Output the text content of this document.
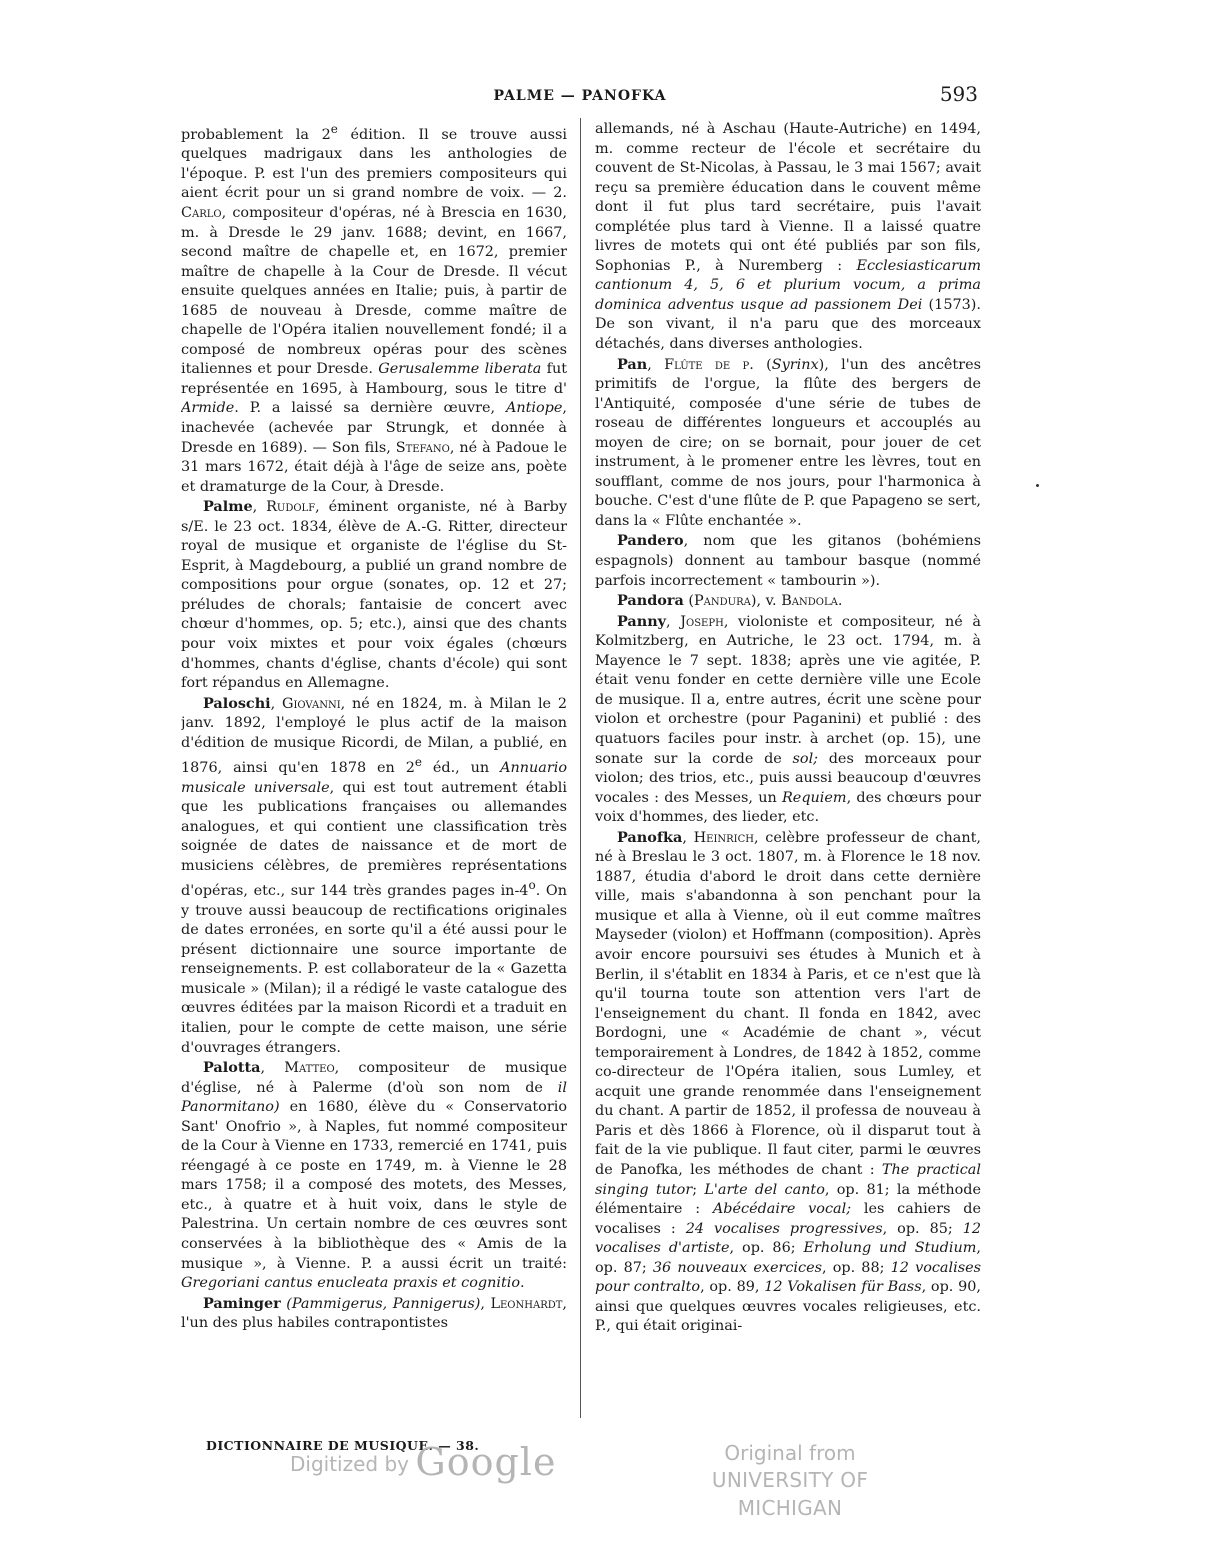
PALME — PANOFKA	593

probablement la 2e édition. Il se trouve aussi quelques madrigaux dans les anthologies de l'époque. P. est l'un des premiers compositeurs qui aient écrit pour un si grand nombre de voix. — 2. Carlo, compositeur d'opéras, né à Brescia en 1630, m. à Dresde le 29 janv. 1688; devint, en 1667, second maître de chapelle et, en 1672, premier maître de chapelle à la Cour de Dresde. Il vécut ensuite quelques années en Italie; puis, à partir de 1685 de nouveau à Dresde, comme maître de chapelle de l'Opéra italien nouvellement fondé; il a composé de nombreux opéras pour des scènes italiennes et pour Dresde. Gerusalemme liberata fut représentée en 1695, à Hambourg, sous le titre d' Armide. P. a laissé sa dernière œuvre, Antiope, inachevée (achevée par Strungk, et donnée à Dresde en 1689). — Son fils, Stefano, né à Padoue le 31 mars 1672, était déjà à l'âge de seize ans, poète et dramaturge de la Cour, à Dresde.

Palme, Rudolf, éminent organiste, né à Barby s/E. le 23 oct. 1834, élève de A.-G. Ritter, directeur royal de musique et organiste de l'église du St-Esprit, à Magdebourg, a publié un grand nombre de compositions pour orgue (sonates, op. 12 et 27; préludes de chorals; fantaisie de concert avec chœur d'hommes, op. 5; etc.), ainsi que des chants pour voix mixtes et pour voix égales (chœurs d'hommes, chants d'église, chants d'école) qui sont fort répandus en Allemagne.

Paloschi, Giovanni, né en 1824, m. à Milan le 2 janv. 1892, l'employé le plus actif de la maison d'édition de musique Ricordi, de Milan, a publié, en 1876, ainsi qu'en 1878 en 2e éd., un Annuario musicale universale, qui est tout autrement établi que les publications françaises ou allemandes analogues, et qui contient une classification très soignée de dates de naissance et de mort de musiciens célèbres, de premières représentations d'opéras, etc., sur 144 très grandes pages in-4$^o$. On y trouve aussi beaucoup de rectifications originales de dates erronées, en sorte qu'il a été aussi pour le présent dictionnaire une source importante de renseignements. P. est collaborateur de la « Gazetta musicale » (Milan); il a rédigé le vaste catalogue des œuvres éditées par la maison Ricordi et a traduit en italien, pour le compte de cette maison, une série d'ouvrages étrangers.

Palotta, Matteo, compositeur de musique d'église, né à Palerme (d'où son nom de il Panormitano) en 1680, élève du « Conservatorio Sant' Onofrio », à Naples, fut nommé compositeur de la Cour à Vienne en 1733, remercié en 1741, puis réengagé à ce poste en 1749, m. à Vienne le 28 mars 1758; il a composé des motets, des Messes, etc., à quatre et à huit voix, dans le style de Palestrina. Un certain nombre de ces œuvres sont conservées à la bibliothèque des « Amis de la musique », à Vienne. P. a aussi écrit un traité: Gregoriani cantus enucleata praxis et cognitio.

Paminger (Pammigerus, Pannigerus), Leonhardt, l'un des plus habiles contrapontistes

allemands, né à Aschau (Haute-Autriche) en 1494, m. comme recteur de l'école et secrétaire du couvent de St-Nicolas, à Passau, le 3 mai 1567; avait reçu sa première éducation dans le couvent même dont il fut plus tard secrétaire, puis l'avait complétée plus tard à Vienne. Il a laissé quatre livres de motets qui ont été publiés par son fils, Sophonias P., à Nuremberg : Ecclesiasticarum cantionum 4, 5, 6 et plurium vocum, a prima dominica adventus usque ad passionem Dei (1573). De son vivant, il n'a paru que des morceaux détachés, dans diverses anthologies.

Pan, Flûte de p. (Syrinx), l'un des ancêtres primitifs de l'orgue, la flûte des bergers de l'Antiquité, composée d'une série de tubes de roseau de différentes longueurs et accouplés au moyen de cire; on se bornait, pour jouer de cet instrument, à le promener entre les lèvres, tout en soufflant, comme de nos jours, pour l'harmonica à bouche. C'est d'une flûte de P. que Papageno se sert, dans la « Flûte enchantée ».

Pandero, nom que les gitanos (bohémiens espagnols) donnent au tambour basque (nommé parfois incorrectement « tambourin »).

Pandora (Pandura), v. Bandola.

Panny, Joseph, violoniste et compositeur, né à Kolmitzberg, en Autriche, le 23 oct. 1794, m. à Mayence le 7 sept. 1838; après une vie agitée, P. était venu fonder en cette dernière ville une Ecole de musique. Il a, entre autres, écrit une scène pour violon et orchestre (pour Paganini) et publié : des quatuors faciles pour instr. à archet (op. 15), une sonate sur la corde de sol; des morceaux pour violon; des trios, etc., puis aussi beaucoup d'œuvres vocales : des Messes, un Requiem, des chœurs pour voix d'hommes, des lieder, etc.

Panofka, Heinrich, celèbre professeur de chant, né à Breslau le 3 oct. 1807, m. à Florence le 18 nov. 1887, étudia d'abord le droit dans cette dernière ville, mais s'abandonna à son penchant pour la musique et alla à Vienne, où il eut comme maîtres Mayseder (violon) et Hoffmann (composition). Après avoir encore poursuivi ses études à Munich et à Berlin, il s'établit en 1834 à Paris, et ce n'est que là qu'il tourna toute son attention vers l'art de l'enseignement du chant. Il fonda en 1842, avec Bordogni, une « Académie de chant », vécut temporairement à Londres, de 1842 à 1852, comme co-directeur de l'Opéra italien, sous Lumley, et acquit une grande renommée dans l'enseignement du chant. A partir de 1852, il professa de nouveau à Paris et dès 1866 à Florence, où il disparut tout à fait de la vie publique. Il faut citer, parmi le œuvres de Panofka, les méthodes de chant : The practical singing tutor; L'arte del canto, op. 81; la méthode élémentaire : Abécédaire vocal; les cahiers de vocalises : 24 vocalises progressives, op. 85; 12 vocalises d'artiste, op. 86; Erholung und Studium, op. 87; 36 nouveaux exercices, op. 88; 12 vocalises pour contralto, op. 89, 12 Vokalisen für Bass, op. 90, ainsi que quelques œuvres vocales religieuses, etc. P., qui était originai-

DICTIONNAIRE DE MUSIQUE. — 38.
Digitized by Google	Original from
UNIVERSITY OF MICHIGAN
